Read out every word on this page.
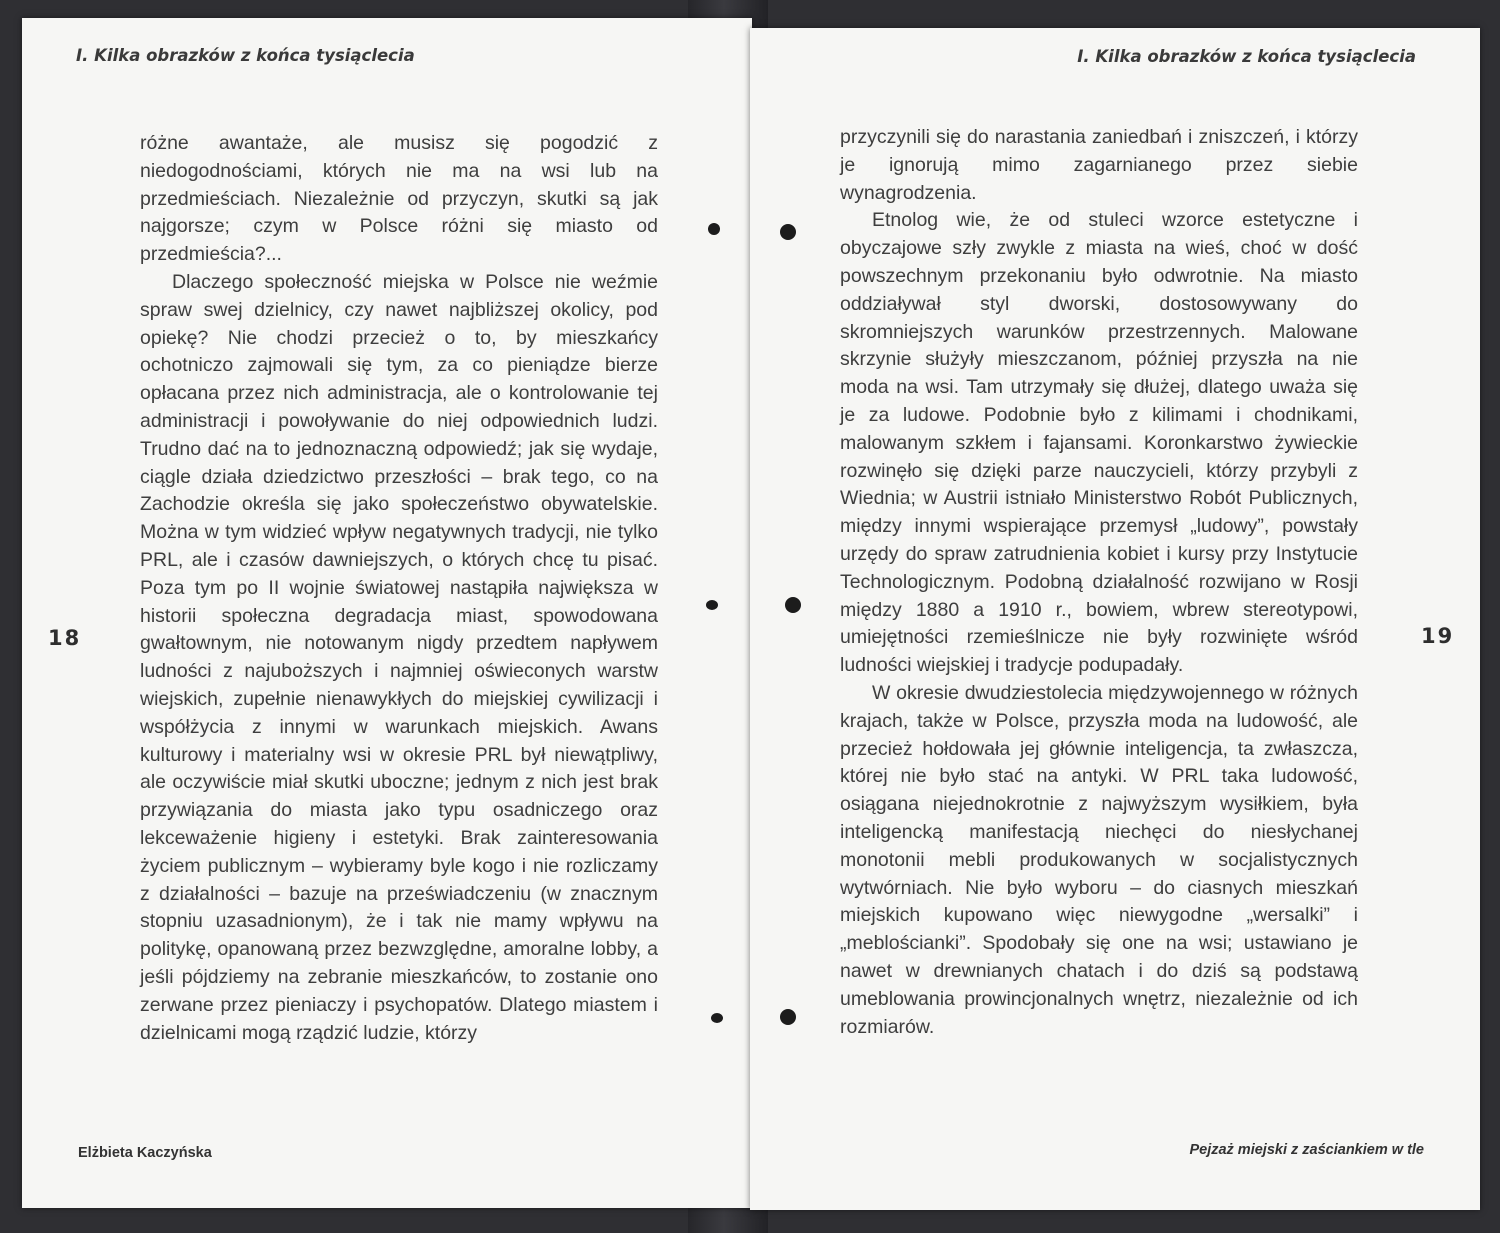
I. Kilka obrazków z końca tysiąclecia

różne awantaże, ale musisz się pogodzić z niedogodnościami, których nie ma na wsi lub na przedmieściach. Niezależnie od przyczyn, skutki są jak najgorsze; czym w Polsce różni się miasto od przedmieścia?...

Dlaczego społeczność miejska w Polsce nie weźmie spraw swej dzielnicy, czy nawet najbliższej okolicy, pod opiekę? Nie chodzi przecież o to, by mieszkańcy ochotniczo zajmowali się tym, za co pieniądze bierze opłacana przez nich administracja, ale o kontrolowanie tej administracji i powoływanie do niej odpowiednich ludzi. Trudno dać na to jednoznaczną odpowiedź; jak się wydaje, ciągle działa dziedzictwo przeszłości – brak tego, co na Zachodzie określa się jako społeczeństwo obywatelskie. Można w tym widzieć wpływ negatywnych tradycji, nie tylko PRL, ale i czasów dawniejszych, o których chcę tu pisać. Poza tym po II wojnie światowej nastąpiła największa w historii społeczna degradacja miast, spowodowana gwałtownym, nie notowanym nigdy przedtem napływem ludności z najuboższych i najmniej oświeconych warstw wiejskich, zupełnie nienawykłych do miejskiej cywilizacji i współżycia z innymi w warunkach miejskich. Awans kulturowy i materialny wsi w okresie PRL był niewątpliwy, ale oczywiście miał skutki uboczne; jednym z nich jest brak przywiązania do miasta jako typu osadniczego oraz lekceważenie higieny i estetyki. Brak zainteresowania życiem publicznym – wybieramy byle kogo i nie rozliczamy z działalności – bazuje na przeświadczeniu (w znacznym stopniu uzasadnionym), że i tak nie mamy wpływu na politykę, opanowaną przez bezwzględne, amoralne lobby, a jeśli pójdziemy na zebranie mieszkańców, to zostanie ono zerwane przez pieniaczy i psychopatów. Dlatego miastem i dzielnicami mogą rządzić ludzie, którzy

18
Elżbieta Kaczyńska
I. Kilka obrazków z końca tysiąclecia

przyczynili się do narastania zaniedbań i zniszczeń, i którzy je ignorują mimo zagarnianego przez siebie wynagrodzenia.

Etnolog wie, że od stuleci wzorce estetyczne i obyczajowe szły zwykle z miasta na wieś, choć w dość powszechnym przekonaniu było odwrotnie. Na miasto oddziaływał styl dworski, dostosowywany do skromniejszych warunków przestrzennych. Malowane skrzynie służyły mieszczanom, później przyszła na nie moda na wsi. Tam utrzymały się dłużej, dlatego uważa się je za ludowe. Podobnie było z kilimami i chodnikami, malowanym szkłem i fajansami. Koronkarstwo żywieckie rozwinęło się dzięki parze nauczycieli, którzy przybyli z Wiednia; w Austrii istniało Ministerstwo Robót Publicznych, między innymi wspierające przemysł „ludowy”, powstały urzędy do spraw zatrudnienia kobiet i kursy przy Instytucie Technologicznym. Podobną działalność rozwijano w Rosji między 1880 a 1910 r., bowiem, wbrew stereotypowi, umiejętności rzemieślnicze nie były rozwinięte wśród ludności wiejskiej i tradycje podupadały.

W okresie dwudziestolecia międzywojennego w różnych krajach, także w Polsce, przyszła moda na ludowość, ale przecież hołdowała jej głównie inteligencja, ta zwłaszcza, której nie było stać na antyki. W PRL taka ludowość, osiągana niejednokrotnie z najwyższym wysiłkiem, była inteligencką manifestacją niechęci do niesłychanej monotonii mebli produkowanych w socjalistycznych wytwórniach. Nie było wyboru – do ciasnych mieszkań miejskich kupowano więc niewygodne „wersalki” i „meblościanki”. Spodobały się one na wsi; ustawiano je nawet w drewnianych chatach i do dziś są podstawą umeblowania prowincjonalnych wnętrz, niezależnie od ich rozmiarów.

19
Pejzaż miejski z zaściankiem w tle
